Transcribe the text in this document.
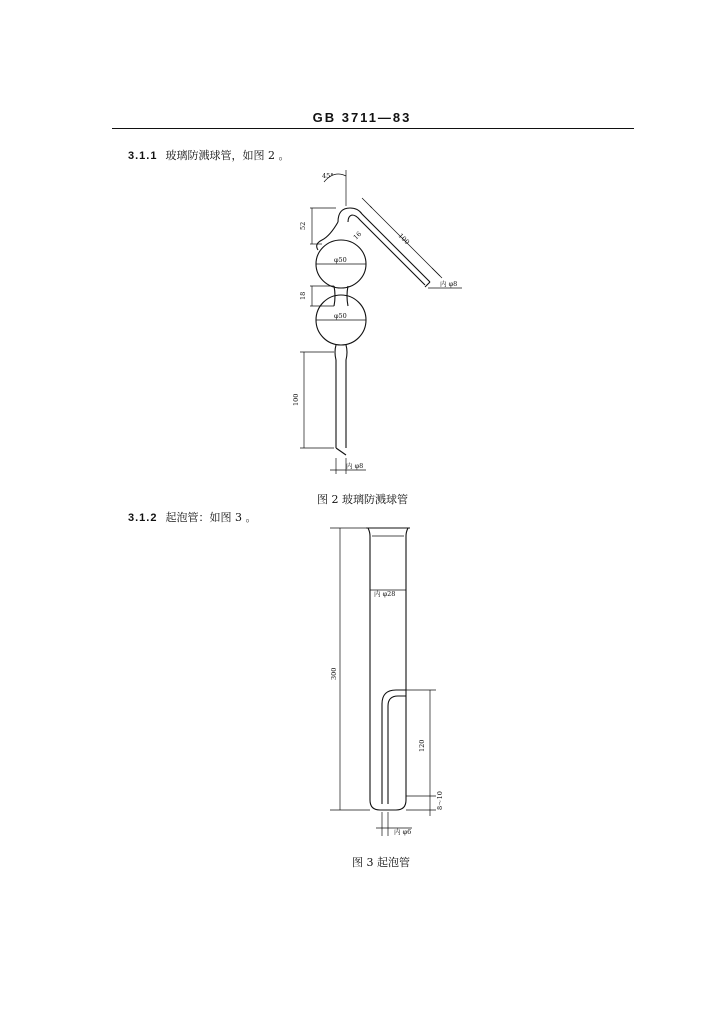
GB 3711—83
3.1.1 玻璃防溅球管，如图 2 。
45°
52
100
16
φ50
18
φ50
100
内 φ8
内 φ8
图 2 玻璃防溅球管
3.1.2 起泡管：如图 3 。
内 φ28
300
120
8～10
内 φ6
图 3 起泡管
